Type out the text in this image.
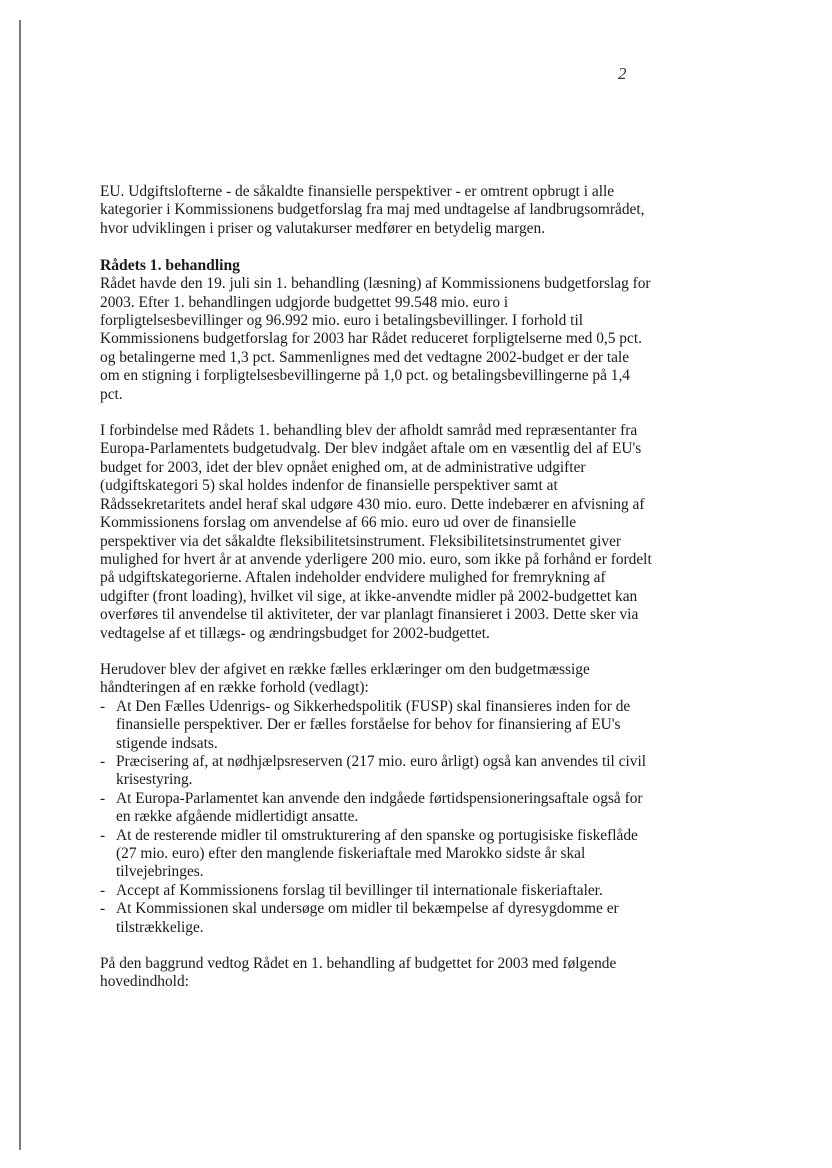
2

EU. Udgiftslofterne - de såkaldte finansielle perspektiver - er omtrent opbrugt i alle kategorier i Kommissionens budgetforslag fra maj med undtagelse af landbrugsområdet, hvor udviklingen i priser og valutakurser medfører en betydelig margen.

Rådets 1. behandling

Rådet havde den 19. juli sin 1. behandling (læsning) af Kommissionens budgetforslag for 2003. Efter 1. behandlingen udgjorde budgettet 99.548 mio. euro i forpligtelsesbevillinger og 96.992 mio. euro i betalingsbevillinger. I forhold til Kommissionens budgetforslag for 2003 har Rådet reduceret forpligtelserne med 0,5 pct. og betalingerne med 1,3 pct. Sammenlignes med det vedtagne 2002-budget er der tale om en stigning i forpligtelsesbevillingerne på 1,0 pct. og betalingsbevillingerne på 1,4 pct.

I forbindelse med Rådets 1. behandling blev der afholdt samråd med repræsentanter fra Europa-Parlamentets budgetudvalg. Der blev indgået aftale om en væsentlig del af EU's budget for 2003, idet der blev opnået enighed om, at de administrative udgifter (udgiftskategori 5) skal holdes indenfor de finansielle perspektiver samt at Rådssekretaritets andel heraf skal udgøre 430 mio. euro. Dette indebærer en afvisning af Kommissionens forslag om anvendelse af 66 mio. euro ud over de finansielle perspektiver via det såkaldte fleksibilitetsinstrument. Fleksibilitetsinstrumentet giver mulighed for hvert år at anvende yderligere 200 mio. euro, som ikke på forhånd er fordelt på udgiftskategorierne. Aftalen indeholder endvidere mulighed for fremrykning af udgifter (front loading), hvilket vil sige, at ikke-anvendte midler på 2002-budgettet kan overføres til anvendelse til aktiviteter, der var planlagt finansieret i 2003. Dette sker via vedtagelse af et tillægs- og ændringsbudget for 2002-budgettet.

Herudover blev der afgivet en række fælles erklæringer om den budgetmæssige håndteringen af en række forhold (vedlagt):

- At Den Fælles Udenrigs- og Sikkerhedspolitik (FUSP) skal finansieres inden for de finansielle perspektiver. Der er fælles forståelse for behov for finansiering af EU's stigende indsats.
- Præcisering af, at nødhjælpsreserven (217 mio. euro årligt) også kan anvendes til civil krisestyring.
- At Europa-Parlamentet kan anvende den indgåede førtidspensioneringsaftale også for en række afgående midlertidigt ansatte.
- At de resterende midler til omstrukturering af den spanske og portugisiske fiskeflåde (27 mio. euro) efter den manglende fiskeriaftale med Marokko sidste år skal tilvejebringes.
- Accept af Kommissionens forslag til bevillinger til internationale fiskeriaftaler.
- At Kommissionen skal undersøge om midler til bekæmpelse af dyresygdomme er tilstrækkelige.

På den baggrund vedtog Rådet en 1. behandling af budgettet for 2003 med følgende hovedindhold:
